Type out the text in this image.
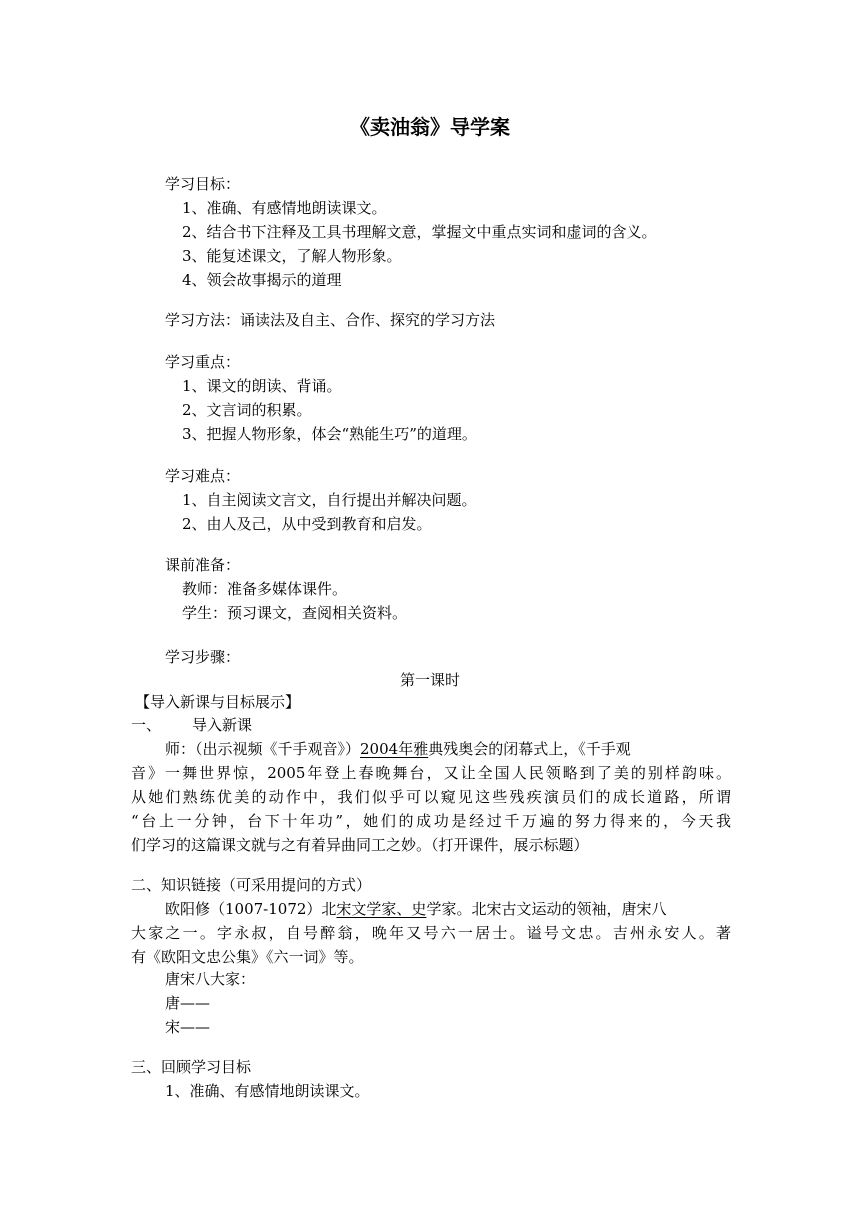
《卖油翁》导学案
学习目标：
1、准确、有感情地朗读课文。
2、结合书下注释及工具书理解文意，掌握文中重点实词和虚词的含义。
3、能复述课文，了解人物形象。
4、领会故事揭示的道理
学习方法：诵读法及自主、合作、探究的学习方法
学习重点：
1、课文的朗读、背诵。
2、文言词的积累。
3、把握人物形象，体会“熟能生巧”的道理。
学习难点：
1、自主阅读文言文，自行提出并解决问题。
2、由人及己，从中受到教育和启发。
课前准备：
教师：准备多媒体课件。
学生：预习课文，查阅相关资料。
学习步骤：
第一课时
【导入新课与目标展示】
一、 导入新课
师：（出示视频《千手观音》）2004年雅典残奥会的闭幕式上，《千手观
音》一舞世界惊，2005年登上春晚舞台，又让全国人民领略到了美的别样韵味。
从她们熟练优美的动作中，我们似乎可以窥见这些残疾演员们的成长道路，所谓
“台上一分钟，台下十年功”，她们的成功是经过千万遍的努力得来的，今天我
们学习的这篇课文就与之有着异曲同工之妙。（打开课件，展示标题）
二、知识链接（可采用提问的方式）
欧阳修（1007-1072）北宋文学家、史学家。北宋古文运动的领袖，唐宋八
大家之一。字永叔，自号醉翁，晚年又号六一居士。谥号文忠。吉州永安人。著
有《欧阳文忠公集》《六一词》等。
唐宋八大家：
唐——
宋——
三、回顾学习目标
1、准确、有感情地朗读课文。
